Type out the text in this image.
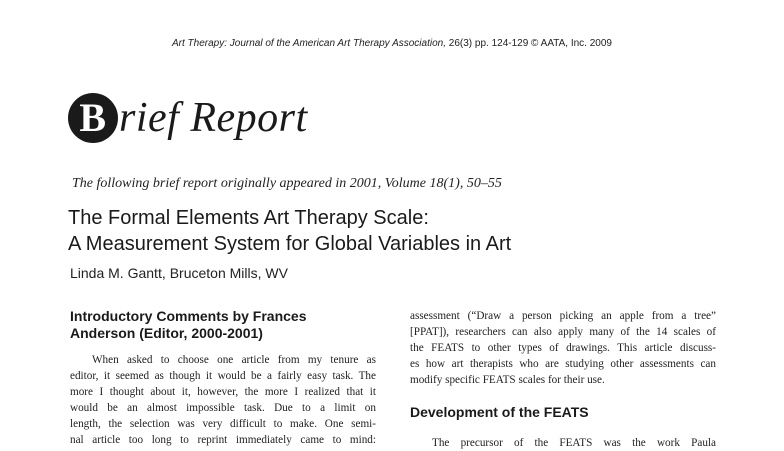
Art Therapy: Journal of the American Art Therapy Association, 26(3) pp. 124-129 © AATA, Inc. 2009
B rief Report
The following brief report originally appeared in 2001, Volume 18(1), 50–55
The Formal Elements Art Therapy Scale:
A Measurement System for Global Variables in Art
Linda M. Gantt, Bruceton Mills, WV
Introductory Comments by Frances
Anderson (Editor, 2000-2001)

When asked to choose one article from my tenure as
editor, it seemed as though it would be a fairly easy task. The
more I thought about it, however, the more I realized that it
would be an almost impossible task. Due to a limit on
length, the selection was very difficult to make. One semi-
nal article too long to reprint immediately came to mind:

assessment (“Draw a person picking an apple from a tree”
[PPAT]), researchers can also apply many of the 14 scales of
the FEATS to other types of drawings. This article discuss-
es how art therapists who are studying other assessments can
modify specific FEATS scales for their use.

Development of the FEATS

The precursor of the FEATS was the work Paula
